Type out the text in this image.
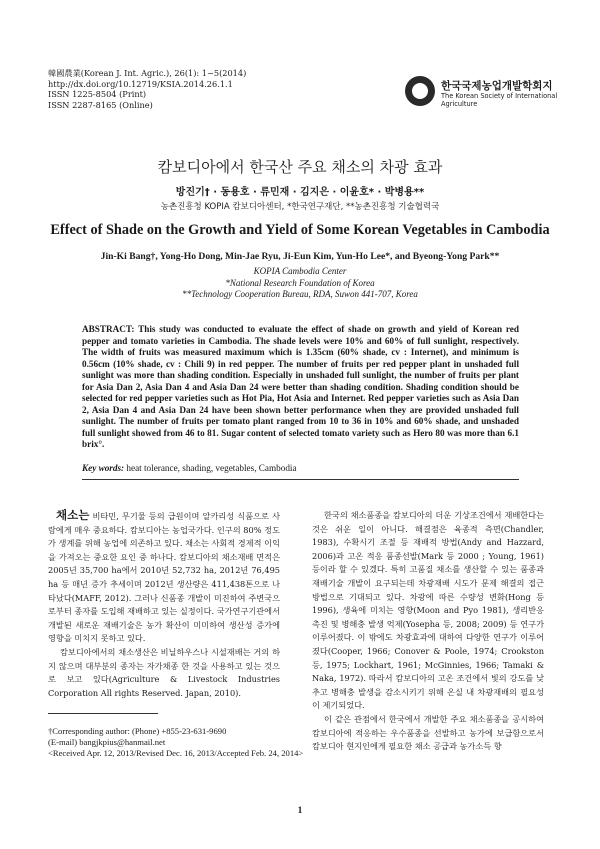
韓國農業(Korean J. Int. Agric.), 26(1): 1~5(2014)
http://dx.doi.org/10.12719/KSIA.2014.26.1.1
ISSN 1225-8504 (Print)
ISSN 2287-8165 (Online)
한국국제농업개발학회지
The Korean Society of International Agriculture
캄보디아에서 한국산 주요 채소의 차광 효과
방진기† · 동용호 · 류민재 · 김지은 · 이윤호* · 박병용**
농촌진흥청 KOPIA 캄보디아센터, *한국연구재단, **농촌진흥청 기술협력국
Effect of Shade on the Growth and Yield of Some Korean Vegetables in Cambodia
Jin-Ki Bang†, Yong-Ho Dong, Min-Jae Ryu, Ji-Eun Kim, Yun-Ho Lee*, and Byeong-Yong Park**
KOPIA Cambodia Center
*National Research Foundation of Korea
**Technology Cooperation Bureau, RDA, Suwon 441-707, Korea
ABSTRACT: This study was conducted to evaluate the effect of shade on growth and yield of Korean red pepper and tomato varieties in Cambodia. The shade levels were 10% and 60% of full sunlight, respectively. The width of fruits was measured maximum which is 1.35cm (60% shade, cv : Internet), and minimum is 0.56cm (10% shade, cv : Chili 9) in red pepper. The number of fruits per red pepper plant in unshaded full sunlight was more than shading condition. Especially in unshaded full sunlight, the number of fruits per plant for Asia Dan 2, Asia Dan 4 and Asia Dan 24 were better than shading condition. Shading condition should be selected for red pepper varieties such as Hot Pia, Hot Asia and Internet. Red pepper varieties such as Asia Dan 2, Asia Dan 4 and Asia Dan 24 have been shown better performance when they are provided unshaded full sunlight. The number of fruits per tomato plant ranged from 10 to 36 in 10% and 60% shade, and unshaded full sunlight showed from 46 to 81. Sugar content of selected tomato variety such as Hero 80 was more than 6.1 brix°.
Key words: heat tolerance, shading, vegetables, Cambodia

채소는 비타민, 무기물 등의 급원이며 알카리성 식품으로 사람에게 매우 중요하다. 캄보디아는 농업국가다. 인구의 80% 정도가 생계를 위해 농업에 의존하고 있다. 채소는 사회적 경제적 이익을 가져오는 중요한 요인 중 하나다. 캄보디아의 채소재배 면적은 2005년 35,700 ha에서 2010년 52,732 ha, 2012년 76,495 ha 등 매년 증가 추세이며 2012년 생산량은 411,438톤으로 나타났다(MAFF, 2012). 그러나 신품종 개발이 미진하여 주변국으로부터 종자를 도입해 재배하고 있는 실정이다. 국가연구기관에서 개발된 새로운 재배기술은 농가 확산이 미미하여 생산성 증가에 영향을 미치지 못하고 있다.

캄보디아에서의 채소생산은 비닐하우스나 시설재배는 거의 하지 않으며 대부분의 종자는 자가채종 한 것을 사용하고 있는 것으로 보고 있다(Agriculture & Livestock Industries Corporation All rights Reserved. Japan, 2010).

한국의 채소품종을 캄보디아의 더운 기상조건에서 재배한다는 것은 쉬운 일이 아니다. 해결점은 육종적 측면(Chandler, 1983), 수확시기 조절 등 재배적 방법(Andy and Hazzard, 2006)과 고온 적응 품종선발(Mark 등 2000 ; Young, 1961) 등이라 할 수 있겠다. 특히 고품질 채소를 생산할 수 있는 품종과 재배기술 개발이 요구되는데 차광재배 시도가 문제 해결의 접근 방법으로 기대되고 있다. 차광에 따른 수량성 변화(Hong 등 1996), 생육에 미치는 영향(Moon and Pyo 1981), 생리반응 촉진 및 병해충 발생 억제(Yosepha 등, 2008; 2009) 등 연구가 이루어졌다. 이 밖에도 차광효과에 대하여 다양한 연구가 이루어졌다(Cooper, 1966; Conover & Poole, 1974; Crookston 등, 1975; Lockhart, 1961; McGinnies, 1966; Tamaki & Naka, 1972). 따라서 캄보디아의 고온 조건에서 빛의 강도를 낮추고 병해충 발생을 감소시키기 위해 온실 내 차광재배의 필요성이 제기되었다.

이 같은 관점에서 한국에서 개발한 주요 채소품종을 공시하여 캄보디아에 적응하는 우수품종을 선발하고 농가에 보급함으로서 캄보디아 현지인에게 필요한 채소 공급과 농가소득 향

†Corresponding author: (Phone) +855-23-631-9690
(E-mail) bangjkpius@hanmail.net
<Received Apr. 12, 2013/Revised Dec. 16, 2013/Accepted Feb. 24, 2014>
1
